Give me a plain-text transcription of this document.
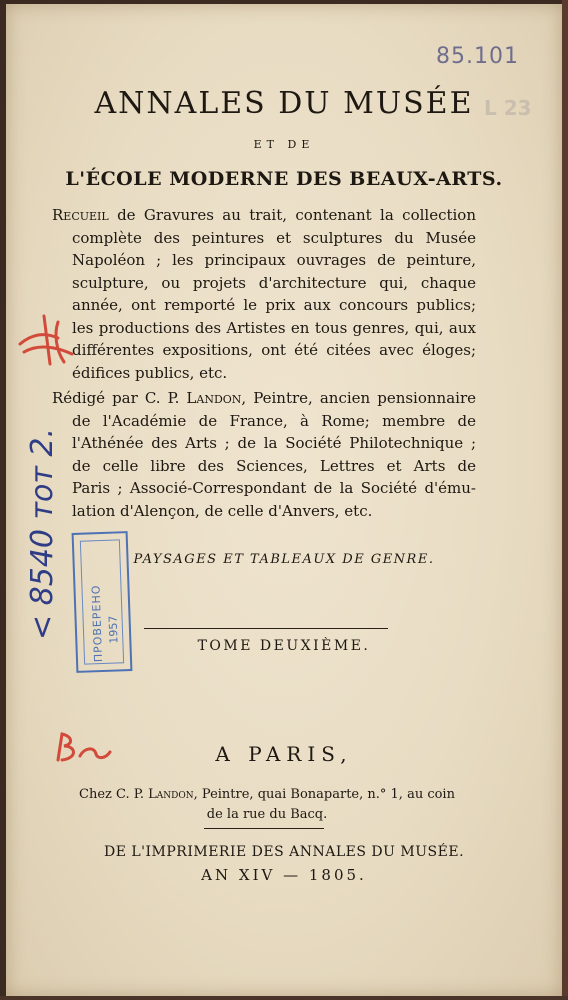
ANNALES DU MUSÉE
ET DE
L'ÉCOLE MODERNE DES BEAUX-ARTS.

Recueil de Gravures au trait, contenant la collection
complète des peintures et sculptures du Musée
Napoléon ; les principaux ouvrages de peinture,
sculpture, ou projets d'architecture qui, chaque
année, ont remporté le prix aux concours publics;
les productions des Artistes en tous genres, qui, aux
différentes expositions, ont été citées avec éloges;
édifices publics, etc.

Rédigé par C. P. Landon, Peintre, ancien pensionnaire
de l'Académie de France, à Rome; membre de
l'Athénée des Arts ; de la Société Philotechnique ;
de celle libre des Sciences, Lettres et Arts de
Paris ; Associé-Correspondant de la Société d'ému-
lation d'Alençon, de celle d'Anvers, etc.

PAYSAGES ET TABLEAUX DE GENRE.
TOME DEUXIÈME.
A PARIS,

Chez C. P. Landon, Peintre, quai Bonaparte, n.° 1, au coin
de la rue du Bacq.

DE L'IMPRIMERIE DES ANNALES DU MUSÉE.
AN XIV — 1805.
85.101
L 23
< 8540 тот 2.	ПРОВЕРЕНО 1957
